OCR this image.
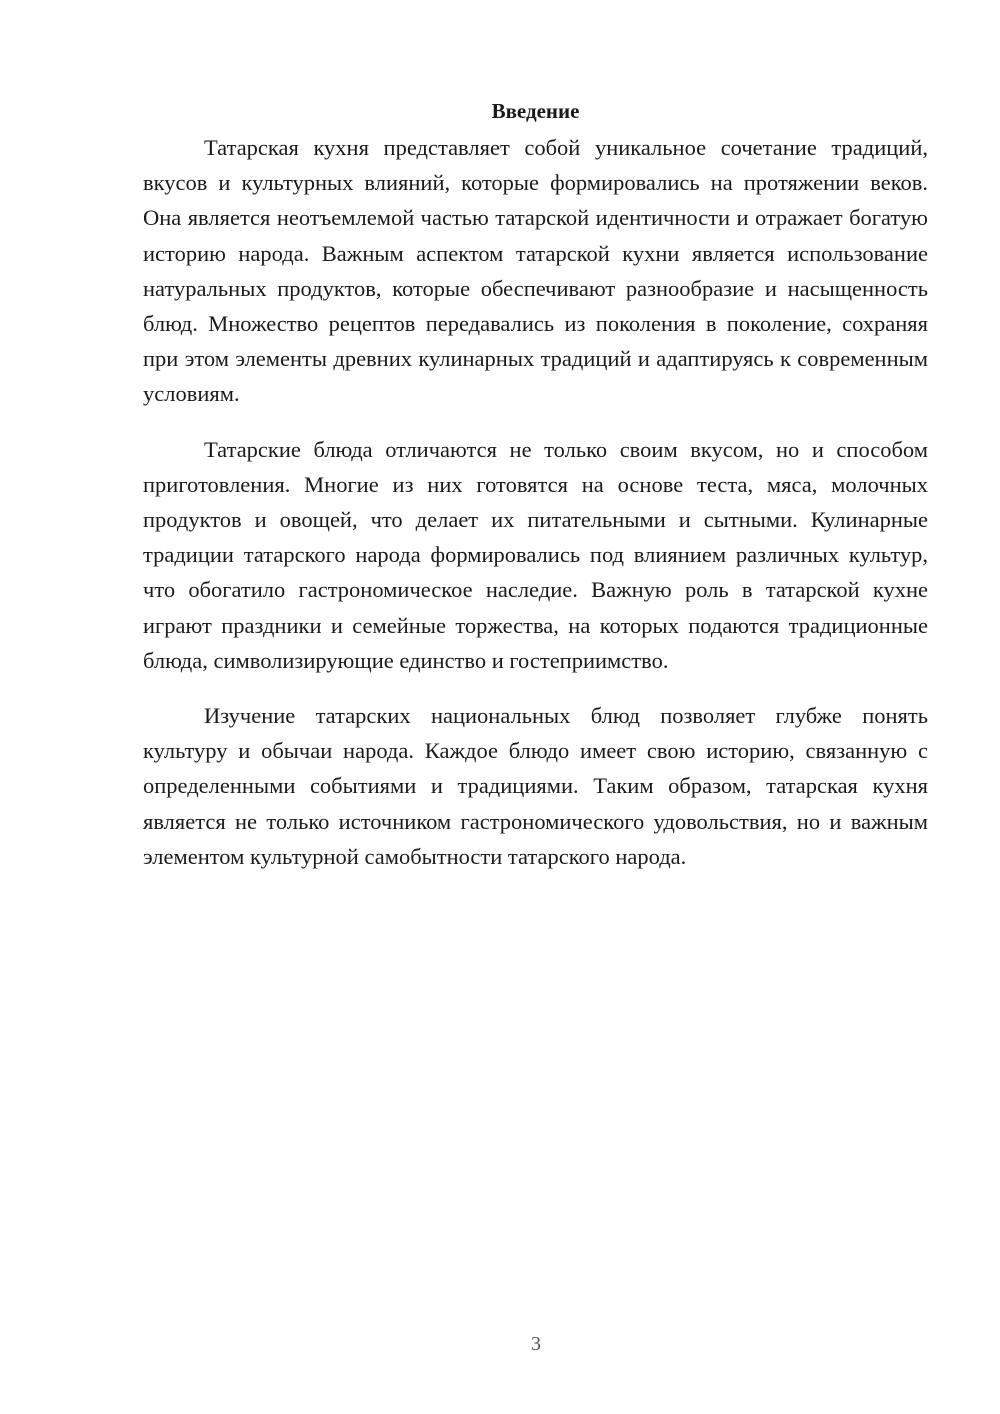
Введение

Татарская кухня представляет собой уникальное сочетание традиций, вкусов и культурных влияний, которые формировались на протяжении веков. Она является неотъемлемой частью татарской идентичности и отражает богатую историю народа. Важным аспектом татарской кухни является использование натуральных продуктов, которые обеспечивают разнообразие и насыщенность блюд. Множество рецептов передавались из поколения в поколение, сохраняя при этом элементы древних кулинарных традиций и адаптируясь к современным условиям.

Татарские блюда отличаются не только своим вкусом, но и способом приготовления. Многие из них готовятся на основе теста, мяса, молочных продуктов и овощей, что делает их питательными и сытными. Кулинарные традиции татарского народа формировались под влиянием различных культур, что обогатило гастрономическое наследие. Важную роль в татарской кухне играют праздники и семейные торжества, на которых подаются традиционные блюда, символизирующие единство и гостеприимство.

Изучение татарских национальных блюд позволяет глубже понять культуру и обычаи народа. Каждое блюдо имеет свою историю, связанную с определенными событиями и традициями. Таким образом, татарская кухня является не только источником гастрономического удовольствия, но и важным элементом культурной самобытности татарского народа.

3
